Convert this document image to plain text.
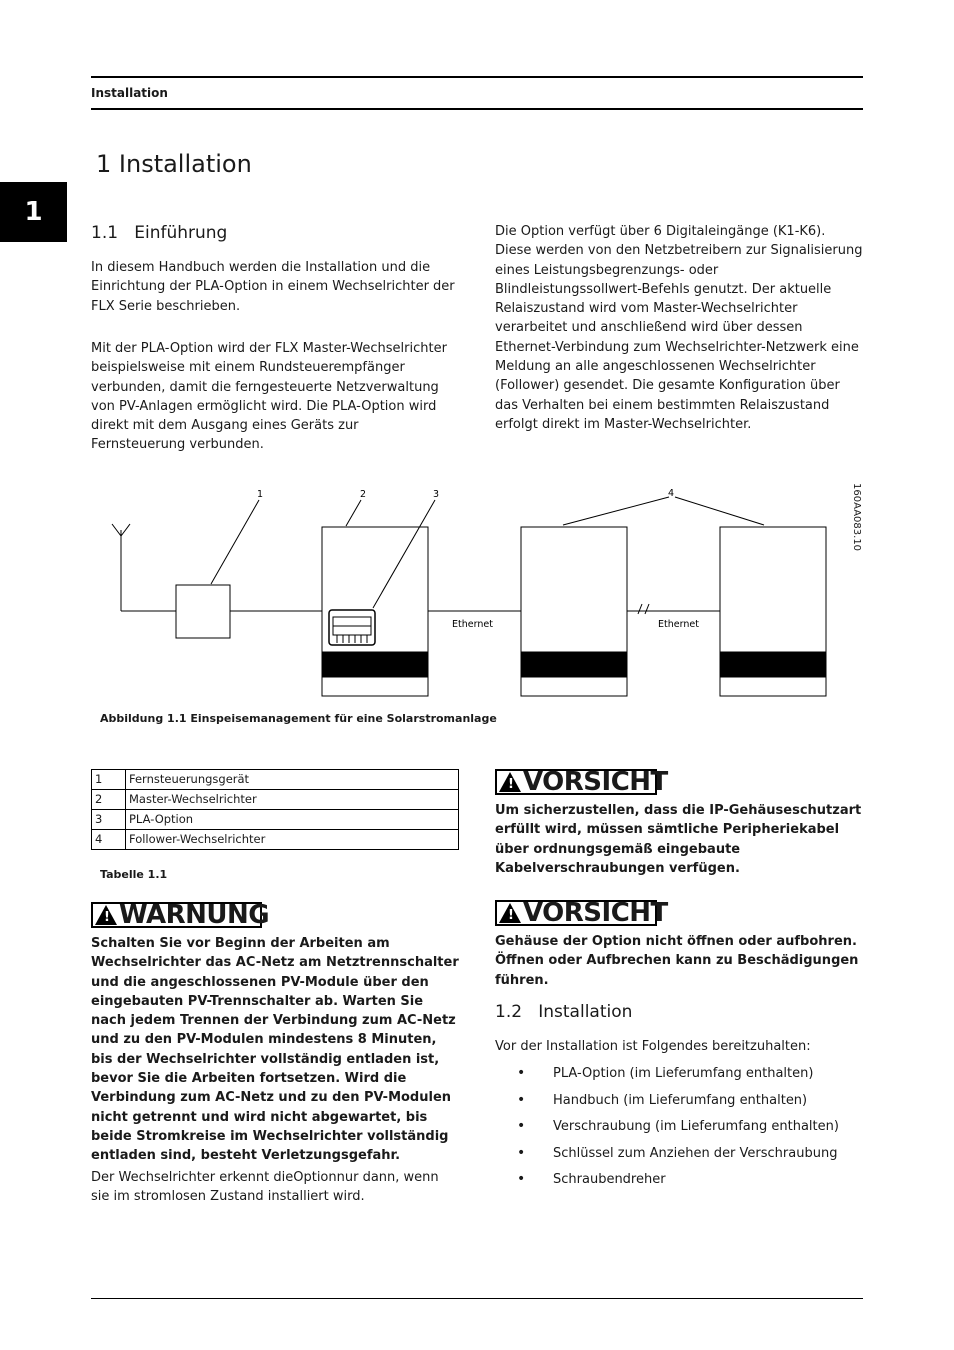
Installation
1
1 Installation
1.1   Einführung
In diesem Handbuch werden die Installation und die Einrichtung der PLA-Option in einem Wechselrichter der FLX Serie beschrieben.
Mit der PLA-Option wird der FLX Master-Wechselrichter beispielsweise mit einem Rundsteuerempfänger verbunden, damit die ferngesteuerte Netzverwaltung von PV-Anlagen ermöglicht wird. Die PLA-Option wird direkt mit dem Ausgang eines Geräts zur Fernsteuerung verbunden.
Die Option verfügt über 6 Digitaleingänge (K1-K6). Diese werden von den Netzbetreibern zur Signalisierung eines Leistungsbegrenzungs- oder Blindleistungssollwert-Befehls genutzt. Der aktuelle Relaiszustand wird vom Master-Wechselrichter verarbeitet und anschließend wird über dessen Ethernet-Verbindung zum Wechselrichter-Netzwerk eine Meldung an alle angeschlossenen Wechselrichter (Follower) gesendet. Die gesamte Konfiguration über das Verhalten bei einem bestimmten Relaiszustand erfolgt direkt im Master-Wechselrichter.
1	2	3	4
Ethernet	Ethernet
160AA083.10
Abbildung 1.1 Einspeisemanagement für eine Solarstromanlage
1	Fernsteuerungsgerät
2	Master-Wechselrichter
3	PLA-Option
4	Follower-Wechselrichter
Tabelle 1.1
! WARNUNG
Schalten Sie vor Beginn der Arbeiten am Wechselrichter das AC-Netz am Netztrennschalter und die angeschlossenen PV-Module über den eingebauten PV-Trennschalter ab. Warten Sie nach jedem Trennen der Verbindung zum AC-Netz und zu den PV-Modulen mindestens 8 Minuten, bis der Wechselrichter vollständig entladen ist, bevor Sie die Arbeiten fortsetzen. Wird die Verbindung zum AC-Netz und zu den PV-Modulen nicht getrennt und wird nicht abgewartet, bis beide Stromkreise im Wechselrichter vollständig entladen sind, besteht Verletzungsgefahr.
Der Wechselrichter erkennt dieOptionnur dann, wenn sie im stromlosen Zustand installiert wird.
! VORSICHT
Um sicherzustellen, dass die IP-Gehäuseschutzart erfüllt wird, müssen sämtliche Peripheriekabel über ordnungsgemäß eingebaute Kabelverschraubungen verfügen.
! VORSICHT
Gehäuse der Option nicht öffnen oder aufbohren. Öffnen oder Aufbrechen kann zu Beschädigungen führen.
1.2   Installation
Vor der Installation ist Folgendes bereitzuhalten:
• PLA-Option (im Lieferumfang enthalten)
• Handbuch (im Lieferumfang enthalten)
• Verschraubung (im Lieferumfang enthalten)
• Schlüssel zum Anziehen der Verschraubung
• Schraubendreher
